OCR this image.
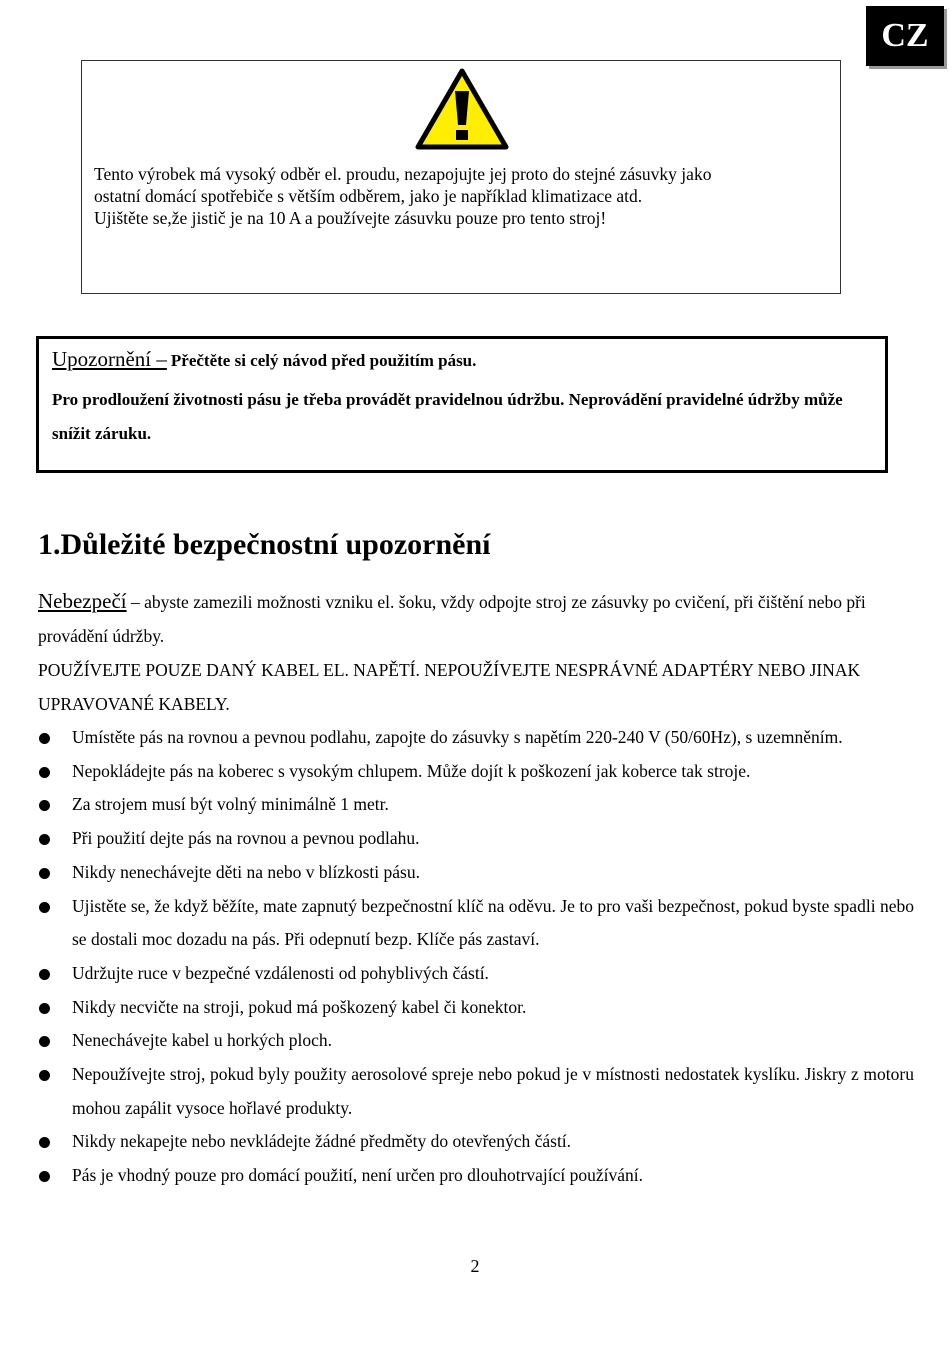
CZ
Tento výrobek má vysoký odběr el. proudu, nezapojujte jej proto do stejné zásuvky jako
ostatní domácí spotřebiče s větším odběrem, jako je například klimatizace atd.
Ujištěte se,že jistič je na 10 A a používejte zásuvku pouze pro tento stroj!
Upozornění – Přečtěte si celý návod před použitím pásu.
Pro prodloužení životnosti pásu je třeba provádět pravidelnou údržbu. Neprovádění pravidelné údržby může snížit záruku.
1.Důležité bezpečnostní upozornění
Nebezpečí – abyste zamezili možnosti vzniku el. šoku, vždy odpojte stroj ze zásuvky po cvičení, při čištění nebo při provádění údržby.
POUŽÍVEJTE POUZE DANÝ KABEL EL. NAPĚTÍ. NEPOUŽÍVEJTE NESPRÁVNÉ ADAPTÉRY NEBO JINAK UPRAVOVANÉ KABELY.
Umístěte pás na rovnou a pevnou podlahu, zapojte do zásuvky s napětím 220-240 V (50/60Hz), s uzemněním.
Nepokládejte pás na koberec s vysokým chlupem. Může dojít k poškození jak koberce tak stroje.
Za strojem musí být volný minimálně 1 metr.
Při použití dejte pás na rovnou a pevnou podlahu.
Nikdy nenechávejte děti na nebo v blízkosti pásu.
Ujistěte se, že když běžíte, mate zapnutý bezpečnostní klíč na oděvu. Je to pro vaši bezpečnost, pokud byste spadli nebo se dostali moc dozadu na pás. Při odepnutí bezp. Klíče pás zastaví.
Udržujte ruce v bezpečné vzdálenosti od pohyblivých částí.
Nikdy necvičte na stroji, pokud má poškozený kabel či konektor.
Nenechávejte kabel u horkých ploch.
Nepoužívejte stroj, pokud byly použity aerosolové spreje nebo pokud je v místnosti nedostatek kyslíku. Jiskry z motoru mohou zapálit vysoce hořlavé produkty.
Nikdy nekapejte nebo nevkládejte žádné předměty do otevřených částí.
Pás je vhodný pouze pro domácí použití, není určen pro dlouhotrvající používání.
2
